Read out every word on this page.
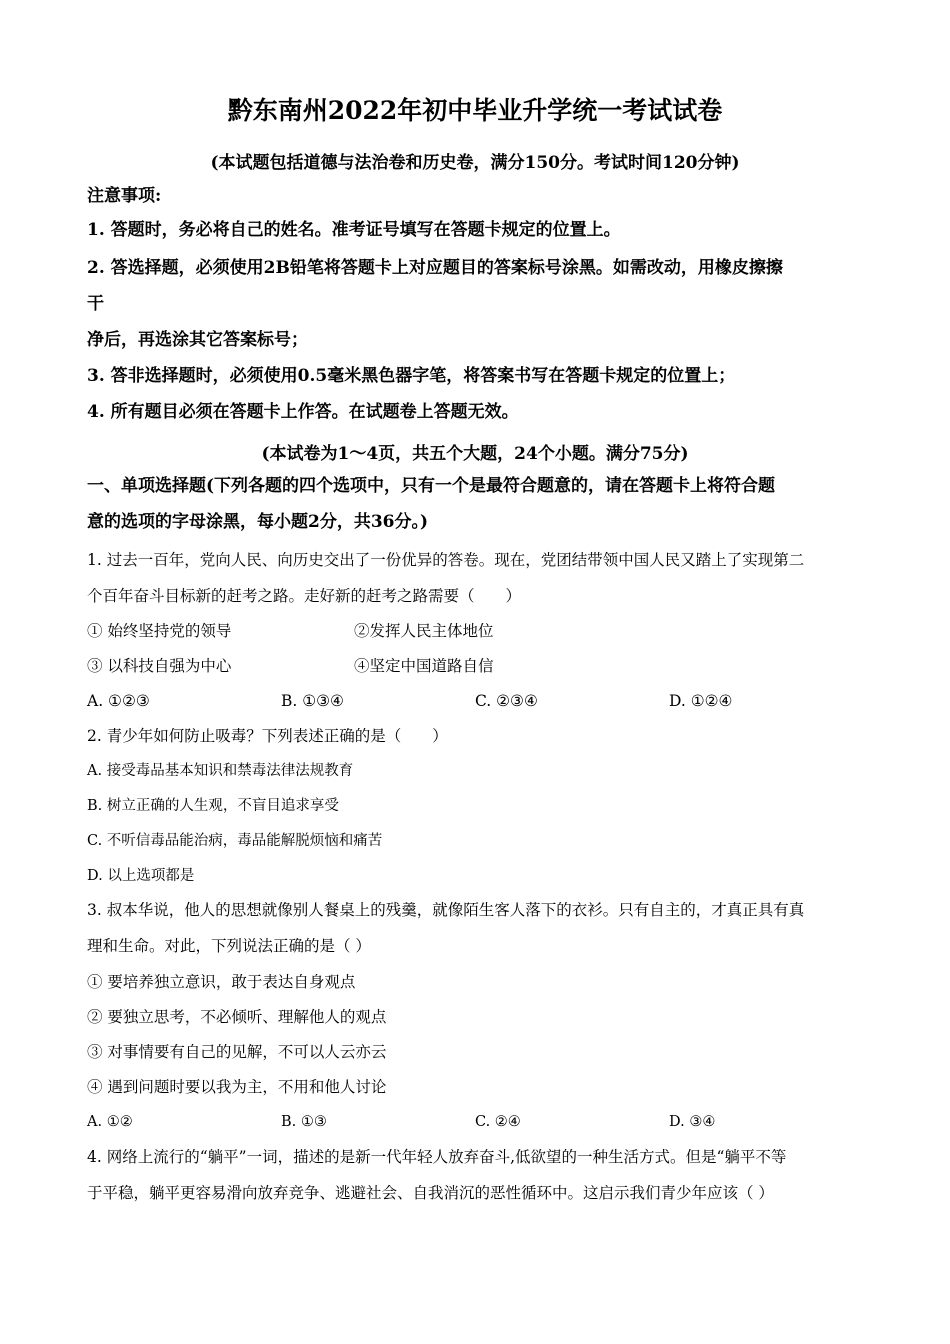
黔东南州2022年初中毕业升学统一考试试卷
(本试题包括道德与法治卷和历史卷，满分150分。考试时间120分钟)
注意事项:
1. 答题时，务必将自己的姓名。准考证号填写在答题卡规定的位置上。
2. 答选择题，必须使用2B铅笔将答题卡上对应题目的答案标号涂黑。如需改动，用橡皮擦擦
干
净后，再选涂其它答案标号；
3. 答非选择题时，必须使用0.5毫米黑色器字笔，将答案书写在答题卡规定的位置上；
4. 所有题目必须在答题卡上作答。在试题卷上答题无效。
(本试卷为1～4页，共五个大题，24个小题。满分75分)
一、单项选择题(下列各题的四个选项中，只有一个是最符合题意的，请在答题卡上将符合题
意的选项的字母涂黑，每小题2分，共36分。)
1. 过去一百年，党向人民、向历史交出了一份优异的答卷。现在，党团结带领中国人民又踏上了实现第二
个百年奋斗目标新的赶考之路。走好新的赶考之路需要（　　）
① 始终坚持党的领导	②发挥人民主体地位
③ 以科技自强为中心	④坚定中国道路自信
A. ①②③	B. ①③④	C. ②③④	D. ①②④
2. 青少年如何防止吸毒？下列表述正确的是（　　）
A. 接受毒品基本知识和禁毒法律法规教育
B. 树立正确的人生观，不盲目追求享受
C. 不听信毒品能治病，毒品能解脱烦恼和痛苦
D. 以上选项都是
3. 叔本华说，他人的思想就像别人餐桌上的残羹，就像陌生客人落下的衣衫。只有自主的，才真正具有真
理和生命。对此，下列说法正确的是（ ）
① 要培养独立意识，敢于表达自身观点
② 要独立思考，不必倾听、理解他人的观点
③ 对事情要有自己的见解，不可以人云亦云
④ 遇到问题时要以我为主，不用和他人讨论
A. ①②	B. ①③	C. ②④	D. ③④
4. 网络上流行的“躺平”一词，描述的是新一代年轻人放弃奋斗,低欲望的一种生活方式。但是“躺平不等
于平稳，躺平更容易滑向放弃竞争、逃避社会、自我消沉的恶性循环中。这启示我们青少年应该（ ）
